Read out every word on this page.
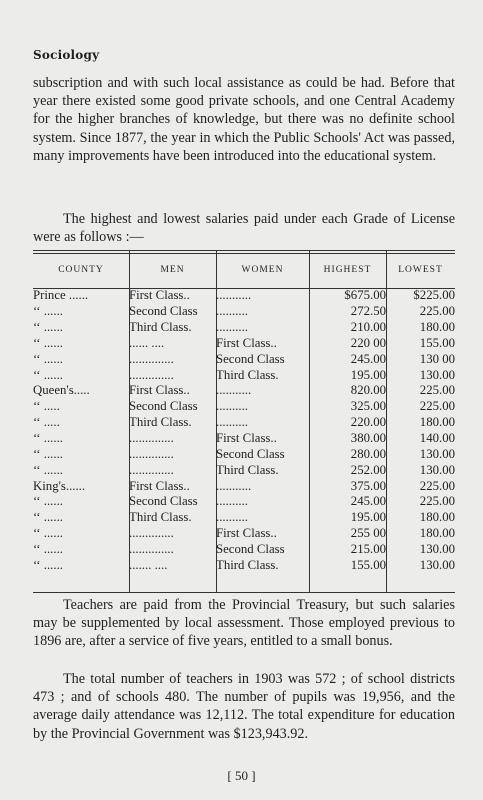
Sociology

subscription and with such local assistance as could be had. Before that year there existed some good private schools, and one Central Academy for the higher branches of knowledge, but there was no definite school system. Since 1877, the year in which the Public Schools' Act was passed, many improvements have been introduced into the educational system.

The highest and lowest salaries paid under each Grade of License were as follows :—

COUNTY	MEN	WOMEN	HIGHEST	LOWEST
Prince ......	First Class..	...........	$675.00	$225.00
‘‘ ......	Second Class	..........	272.50	225.00
‘‘ ......	Third Class.	..........	210.00	180.00
‘‘ ......	...... ....	First Class..	220 00	155.00
‘‘ ......	..............	Second Class	245.00	130 00
‘‘ ......	..............	Third Class.	195.00	130.00
Queen's.....	First Class..	...........	820.00	225.00
‘‘ .....	Second Class	..........	325.00	225.00
‘‘ .....	Third Class.	..........	220.00	180.00
‘‘ ......	..............	First Class..	380.00	140.00
‘‘ ......	..............	Second Class	280.00	130.00
‘‘ ......	..............	Third Class.	252.00	130.00
King's......	First Class..	...........	375.00	225.00
‘‘ ......	Second Class	..........	245.00	225.00
‘‘ ......	Third Class.	..........	195.00	180.00
‘‘ ......	..............	First Class..	255 00	180.00
‘‘ ......	..............	Second Class	215.00	130.00
‘‘ ......	....... ....	Third Class.	155.00	130.00

Teachers are paid from the Provincial Treasury, but such salaries may be supplemented by local assessment. Those employed previous to 1896 are, after a service of five years, entitled to a small bonus.

The total number of teachers in 1903 was 572 ; of school districts 473 ; and of schools 480. The number of pupils was 19,956, and the average daily attendance was 12,112. The total expenditure for education by the Provincial Government was $123,943.92.

[ 50 ]
